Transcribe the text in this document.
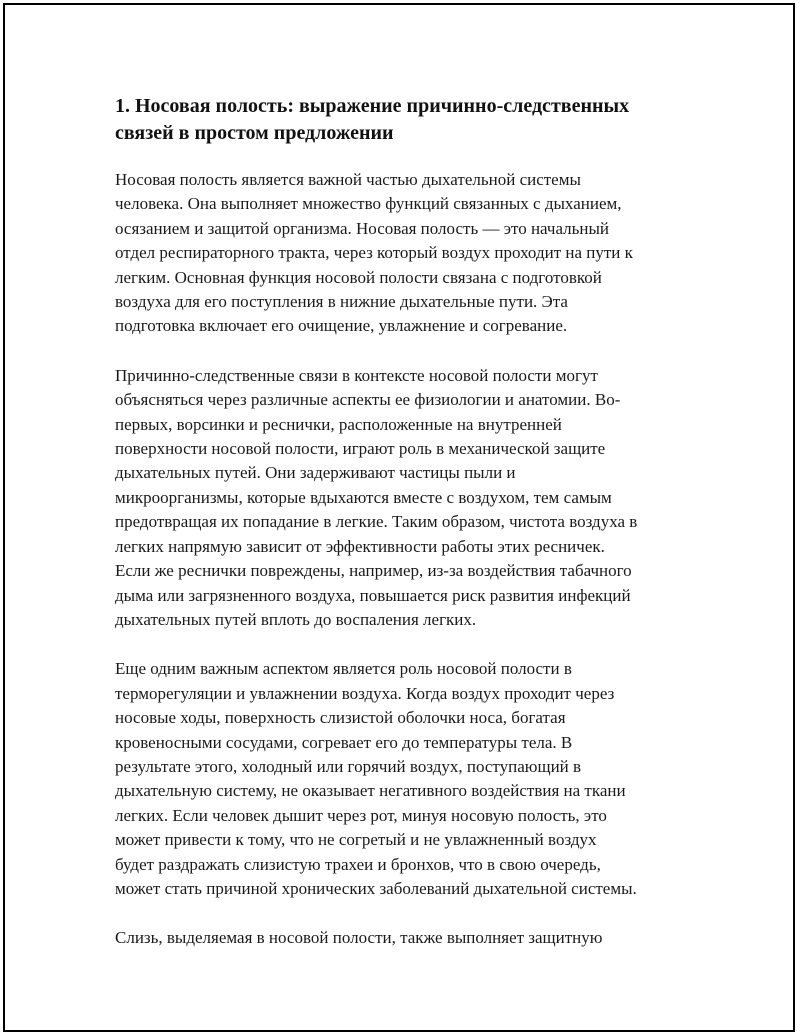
1. Носовая полость: выражение причинно-следственных
связей в простом предложении

Носовая полость является важной частью дыхательной системы
человека. Она выполняет множество функций связанных с дыханием,
осязанием и защитой организма. Носовая полость — это начальный
отдел респираторного тракта, через который воздух проходит на пути к
легким. Основная функция носовой полости связана с подготовкой
воздуха для его поступления в нижние дыхательные пути. Эта
подготовка включает его очищение, увлажнение и согревание.

Причинно-следственные связи в контексте носовой полости могут
объясняться через различные аспекты ее физиологии и анатомии. Во-
первых, ворсинки и реснички, расположенные на внутренней
поверхности носовой полости, играют роль в механической защите
дыхательных путей. Они задерживают частицы пыли и
микроорганизмы, которые вдыхаются вместе с воздухом, тем самым
предотвращая их попадание в легкие. Таким образом, чистота воздуха в
легких напрямую зависит от эффективности работы этих ресничек.
Если же реснички повреждены, например, из-за воздействия табачного
дыма или загрязненного воздуха, повышается риск развития инфекций
дыхательных путей вплоть до воспаления легких.

Еще одним важным аспектом является роль носовой полости в
терморегуляции и увлажнении воздуха. Когда воздух проходит через
носовые ходы, поверхность слизистой оболочки носа, богатая
кровеносными сосудами, согревает его до температуры тела. В
результате этого, холодный или горячий воздух, поступающий в
дыхательную систему, не оказывает негативного воздействия на ткани
легких. Если человек дышит через рот, минуя носовую полость, это
может привести к тому, что не согретый и не увлажненный воздух
будет раздражать слизистую трахеи и бронхов, что в свою очередь,
может стать причиной хронических заболеваний дыхательной системы.

Слизь, выделяемая в носовой полости, также выполняет защитную
